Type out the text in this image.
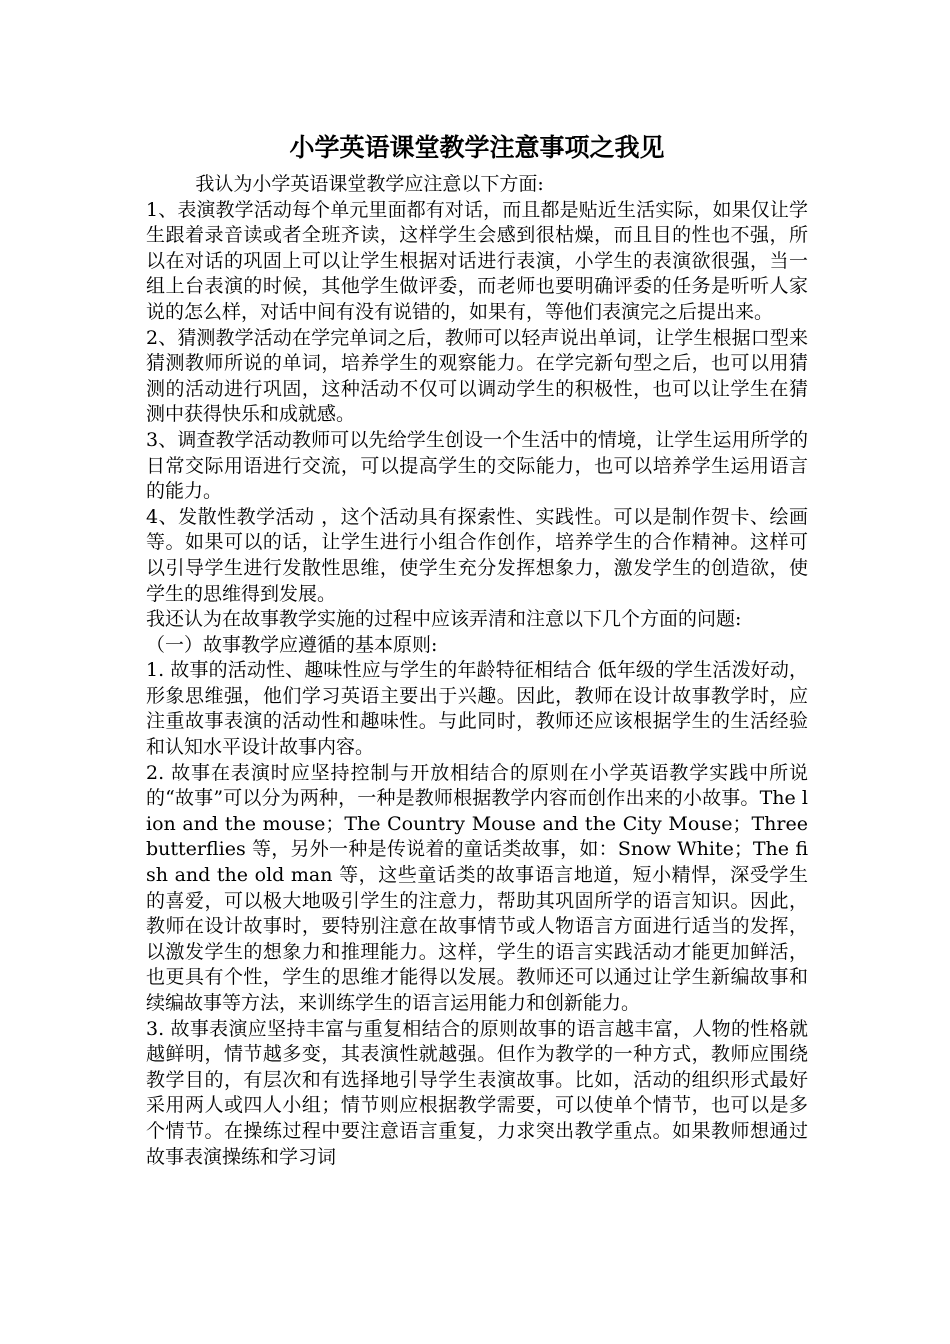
小学英语课堂教学注意事项之我见

我认为小学英语课堂教学应注意以下方面:

1、表演教学活动每个单元里面都有对话，而且都是贴近生活实际，如果仅让学生跟着录音读或者全班齐读，这样学生会感到很枯燥，而且目的性也不强，所以在对话的巩固上可以让学生根据对话进行表演，小学生的表演欲很强，当一组上台表演的时候，其他学生做评委，而老师也要明确评委的任务是听听人家说的怎么样，对话中间有没有说错的，如果有，等他们表演完之后提出来。

2、猜测教学活动在学完单词之后，教师可以轻声说出单词，让学生根据口型来猜测教师所说的单词，培养学生的观察能力。在学完新句型之后，也可以用猜测的活动进行巩固，这种活动不仅可以调动学生的积极性，也可以让学生在猜测中获得快乐和成就感。

3、调查教学活动教师可以先给学生创设一个生活中的情境，让学生运用所学的日常交际用语进行交流，可以提高学生的交际能力，也可以培养学生运用语言的能力。

4、发散性教学活动 ，这个活动具有探索性、实践性。可以是制作贺卡、绘画等。如果可以的话，让学生进行小组合作创作，培养学生的合作精神。这样可以引导学生进行发散性思维，使学生充分发挥想象力，激发学生的创造欲，使学生的思维得到发展。

我还认为在故事教学实施的过程中应该弄清和注意以下几个方面的问题:

（一）故事教学应遵循的基本原则:

1. 故事的活动性、趣味性应与学生的年龄特征相结合 低年级的学生活泼好动，形象思维强，他们学习英语主要出于兴趣。因此，教师在设计故事教学时，应注重故事表演的活动性和趣味性。与此同时，教师还应该根据学生的生活经验和认知水平设计故事内容。

2. 故事在表演时应坚持控制与开放相结合的原则在小学英语教学实践中所说的“故事”可以分为两种，一种是教师根据教学内容而创作出来的小故事。The lion and the mouse；The Country Mouse and the City Mouse；Three butterflies 等，另外一种是传说着的童话类故事，如：Snow White；The fish and the old man 等，这些童话类的故事语言地道，短小精悍，深受学生的喜爱，可以极大地吸引学生的注意力，帮助其巩固所学的语言知识。因此，教师在设计故事时，要特别注意在故事情节或人物语言方面进行适当的发挥，以激发学生的想象力和推理能力。这样，学生的语言实践活动才能更加鲜活，也更具有个性，学生的思维才能得以发展。教师还可以通过让学生新编故事和续编故事等方法，来训练学生的语言运用能力和创新能力。

3. 故事表演应坚持丰富与重复相结合的原则故事的语言越丰富，人物的性格就越鲜明，情节越多变，其表演性就越强。但作为教学的一种方式，教师应围绕教学目的，有层次和有选择地引导学生表演故事。比如，活动的组织形式最好采用两人或四人小组；情节则应根据教学需要，可以使单个情节，也可以是多个情节。在操练过程中要注意语言重复，力求突出教学重点。如果教师想通过故事表演操练和学习词
